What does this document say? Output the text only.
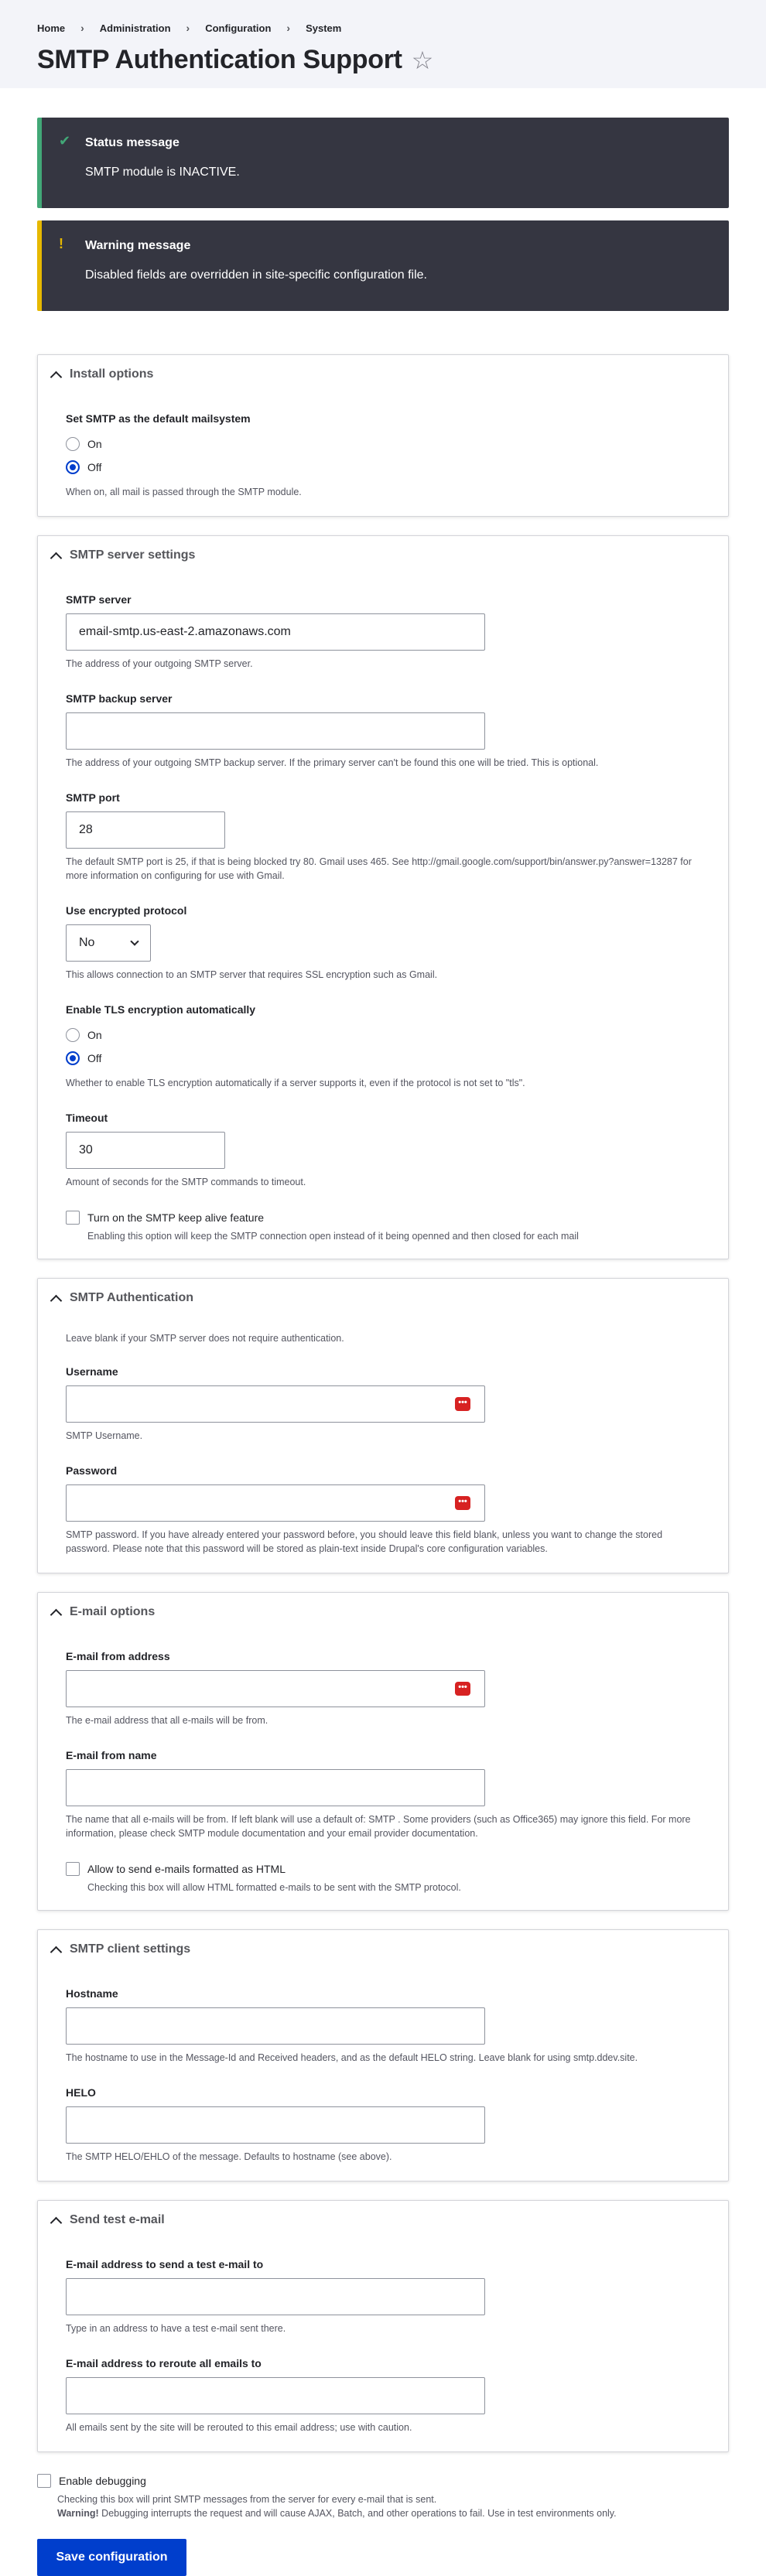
Home › Administration › Configuration › System
SMTP Authentication Support ☆
✔ Status message

SMTP module is INACTIVE.

! Warning message

Disabled fields are overridden in site-specific configuration file.

Install options
Set SMTP as the default mailsystem
On
Off
When on, all mail is passed through the SMTP module.
SMTP server settings
SMTP server
email-smtp.us-east-2.amazonaws.com
The address of your outgoing SMTP server.
SMTP backup server
The address of your outgoing SMTP backup server. If the primary server can't be found this one will be tried. This is optional.
SMTP port
28
The default SMTP port is 25, if that is being blocked try 80. Gmail uses 465. See http://gmail.google.com/support/bin/answer.py?answer=13287 for more information on configuring for use with Gmail.
Use encrypted protocol
No
This allows connection to an SMTP server that requires SSL encryption such as Gmail.
Enable TLS encryption automatically
On
Off
Whether to enable TLS encryption automatically if a server supports it, even if the protocol is not set to "tls".
Timeout
30
Amount of seconds for the SMTP commands to timeout.
Turn on the SMTP keep alive feature
Enabling this option will keep the SMTP connection open instead of it being openned and then closed for each mail
SMTP Authentication
Leave blank if your SMTP server does not require authentication.
Username
•••
SMTP Username.
Password
•••
SMTP password. If you have already entered your password before, you should leave this field blank, unless you want to change the stored password. Please note that this password will be stored as plain-text inside Drupal's core configuration variables.
E-mail options
E-mail from address
•••
The e-mail address that all e-mails will be from.
E-mail from name
The name that all e-mails will be from. If left blank will use a default of: SMTP . Some providers (such as Office365) may ignore this field. For more information, please check SMTP module documentation and your email provider documentation.
Allow to send e-mails formatted as HTML
Checking this box will allow HTML formatted e-mails to be sent with the SMTP protocol.
SMTP client settings
Hostname
The hostname to use in the Message-Id and Received headers, and as the default HELO string. Leave blank for using smtp.ddev.site.
HELO
The SMTP HELO/EHLO of the message. Defaults to hostname (see above).
Send test e-mail
E-mail address to send a test e-mail to
Type in an address to have a test e-mail sent there.
E-mail address to reroute all emails to
All emails sent by the site will be rerouted to this email address; use with caution.
Enable debugging
Checking this box will print SMTP messages from the server for every e-mail that is sent.
Warning! Debugging interrupts the request and will cause AJAX, Batch, and other operations to fail. Use in test environments only.
Save configuration
